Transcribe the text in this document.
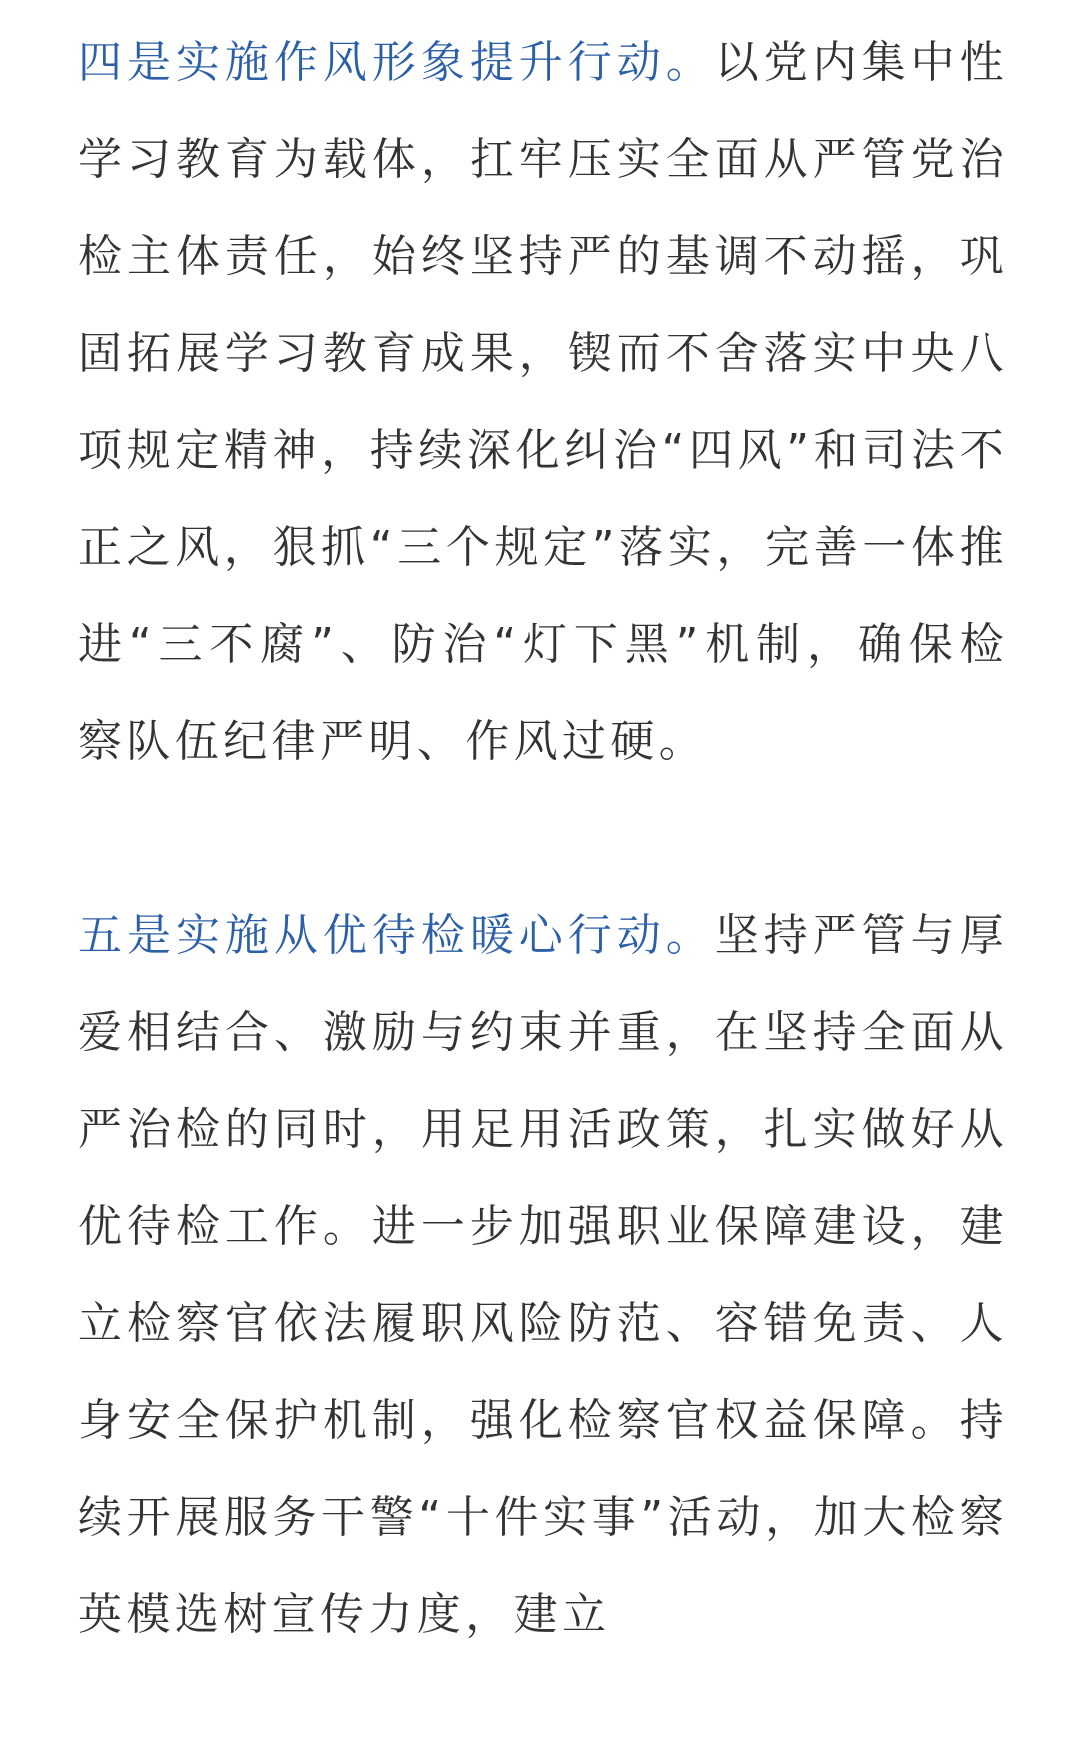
四是实施作风形象提升行动。以党内集中性学习教育为载体，扛牢压实全面从严管党治检主体责任，始终坚持严的基调不动摇，巩固拓展学习教育成果，锲而不舍落实中央八项规定精神，持续深化纠治“四风”和司法不正之风，狠抓“三个规定”落实，完善一体推进“三不腐”、防治“灯下黑”机制，确保检察队伍纪律严明、作风过硬。

五是实施从优待检暖心行动。坚持严管与厚爱相结合、激励与约束并重，在坚持全面从严治检的同时，用足用活政策，扎实做好从优待检工作。进一步加强职业保障建设，建立检察官依法履职风险防范、容错免责、人身安全保护机制，强化检察官权益保障。持续开展服务干警“十件实事”活动，加大检察英模选树宣传力度，建立
